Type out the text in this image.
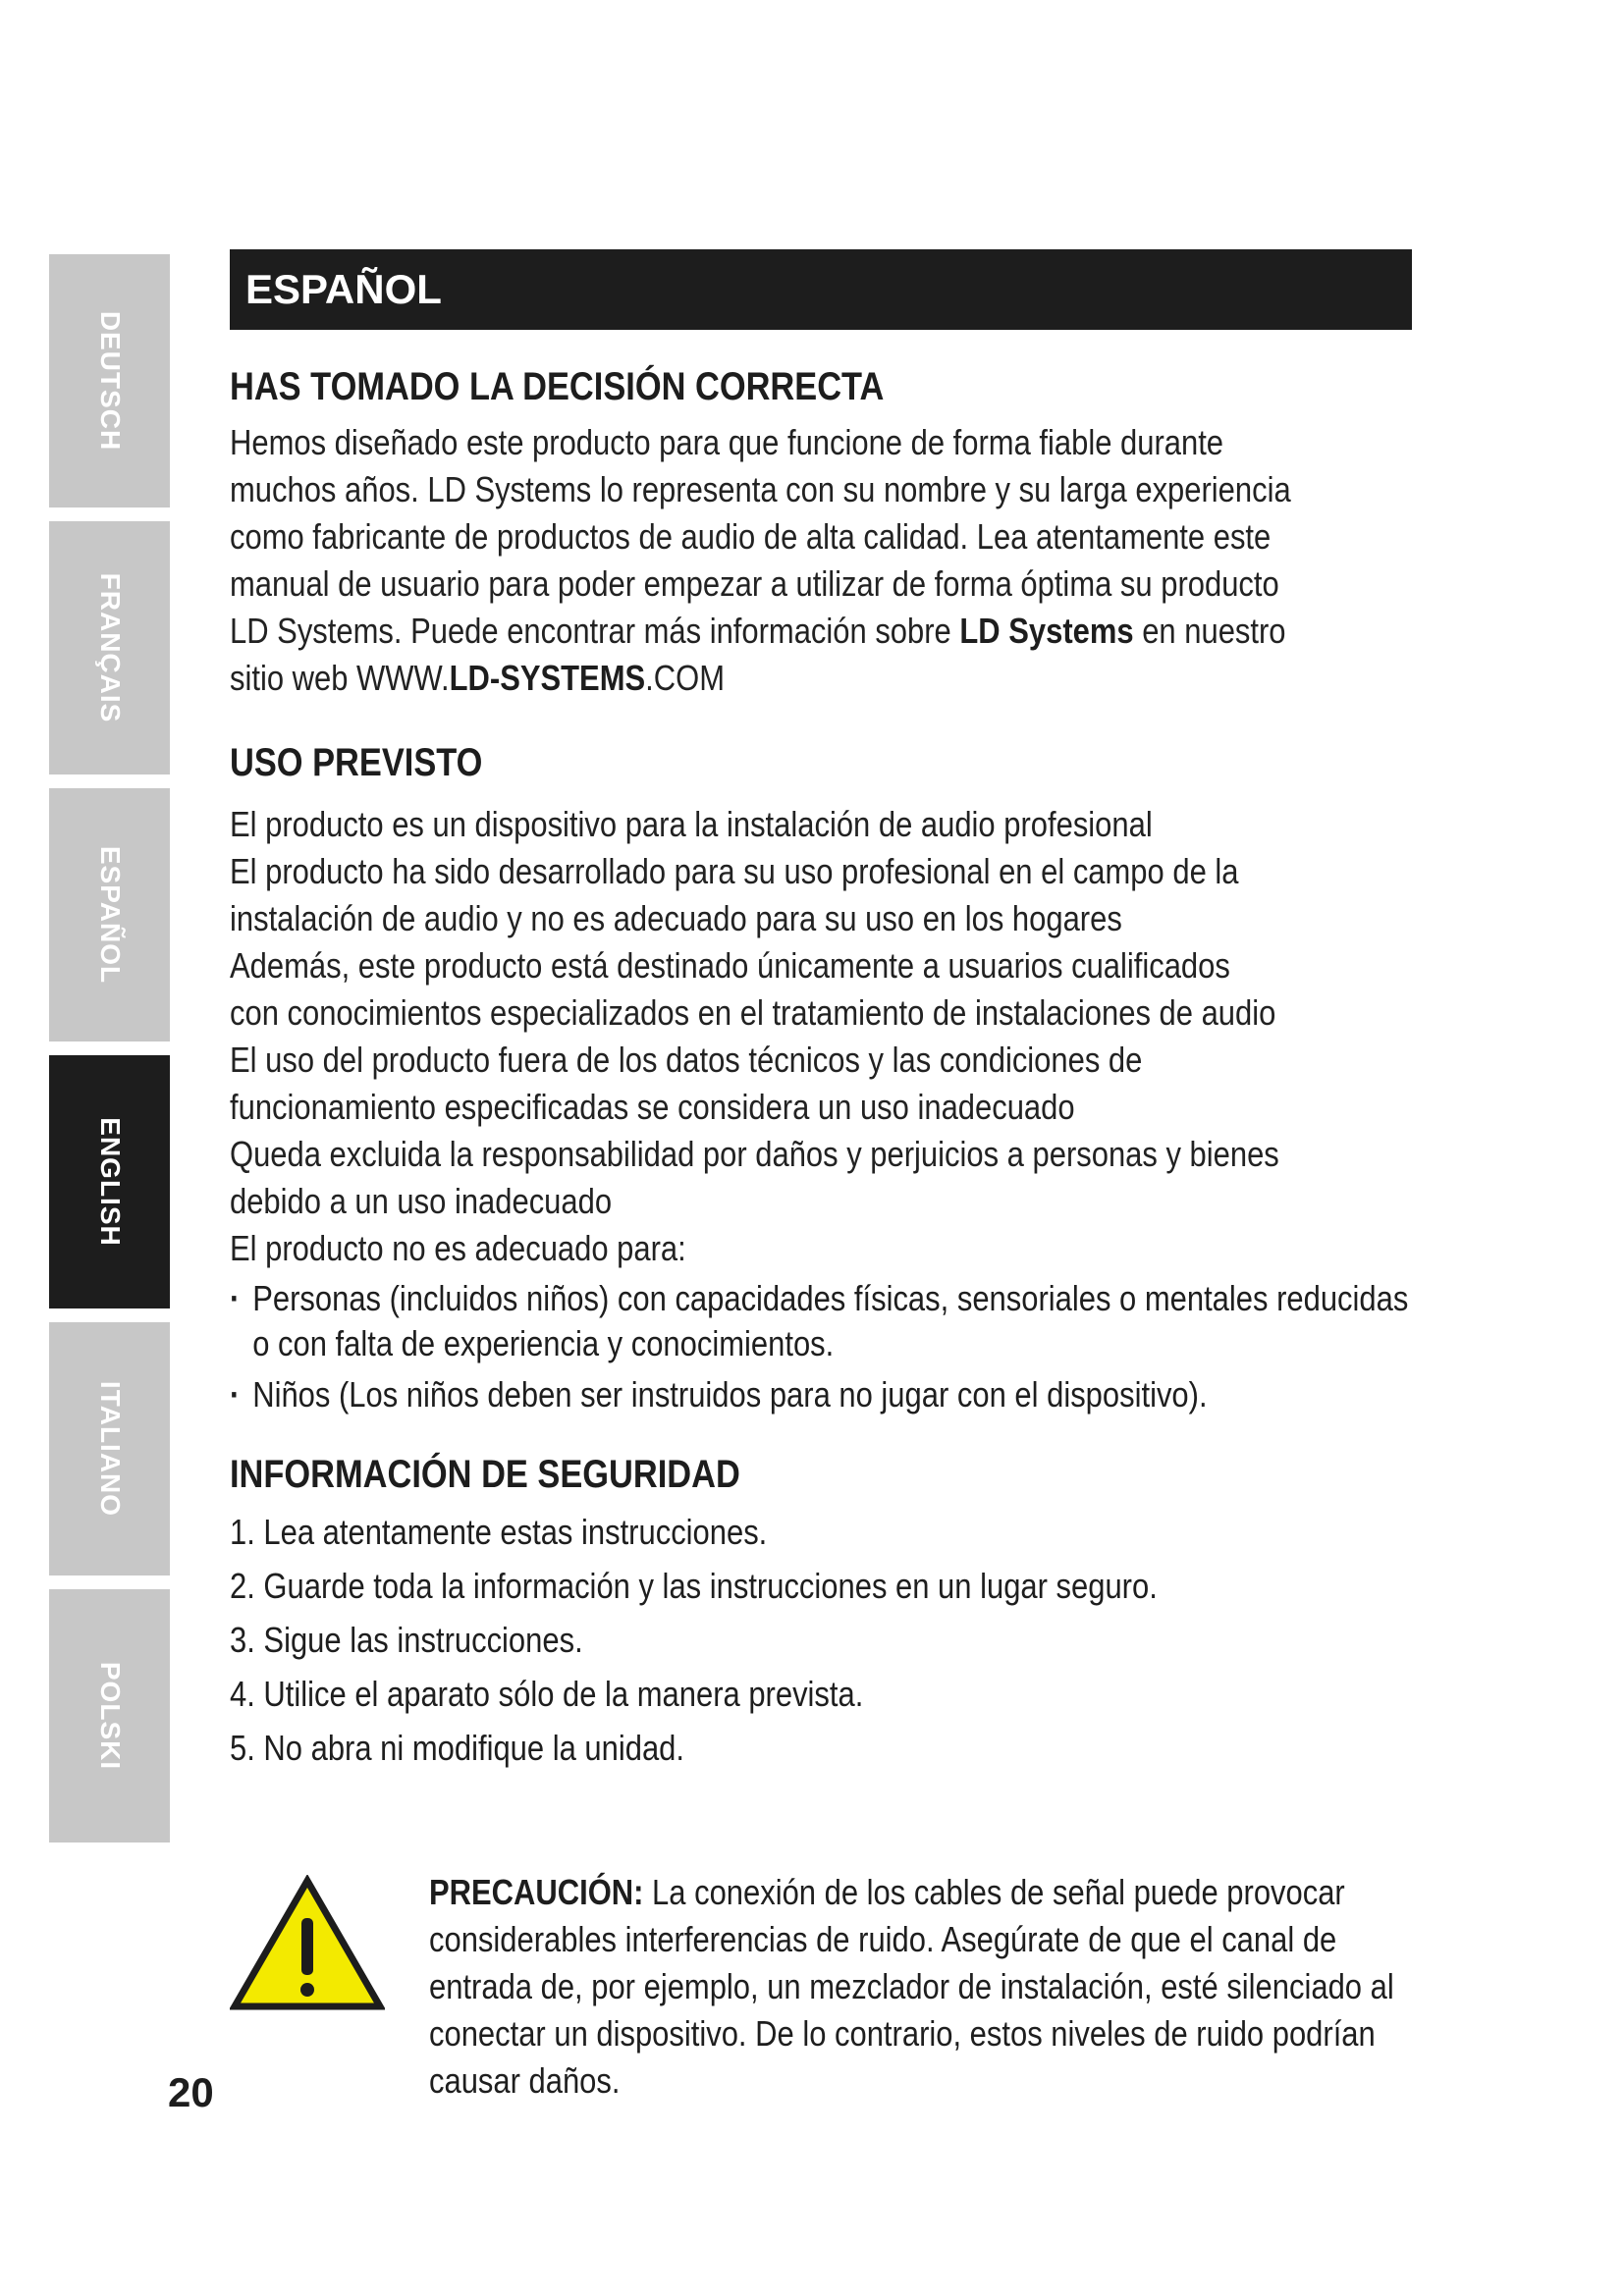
DEUTSCH
FRANÇAIS
ESPAÑOL
ENGLISH
ITALIANO
POLSKI
20
ESPAÑOL
HAS TOMADO LA DECISIÓN CORRECTA

Hemos diseñado este producto para que funcione de forma fiable durante

muchos años. LD Systems lo representa con su nombre y su larga experiencia

como fabricante de productos de audio de alta calidad. Lea atentamente este

manual de usuario para poder empezar a utilizar de forma óptima su producto

LD Systems. Puede encontrar más información sobre LD Systems en nuestro

sitio web WWW.LD-SYSTEMS.COM

USO PREVISTO

El producto es un dispositivo para la instalación de audio profesional

El producto ha sido desarrollado para su uso profesional en el campo de la

instalación de audio y no es adecuado para su uso en los hogares

Además, este producto está destinado únicamente a usuarios cualificados

con conocimientos especializados en el tratamiento de instalaciones de audio

El uso del producto fuera de los datos técnicos y las condiciones de

funcionamiento especificadas se considera un uso inadecuado

Queda excluida la responsabilidad por daños y perjuicios a personas y bienes

debido a un uso inadecuado

El producto no es adecuado para:

· Personas (incluidos niños) con capacidades físicas, sensoriales o mentales reducidas o con falta de experiencia y conocimientos.
· Niños (Los niños deben ser instruidos para no jugar con el dispositivo).
INFORMACIÓN DE SEGURIDAD
1. Lea atentamente estas instrucciones.
2. Guarde toda la información y las instrucciones en un lugar seguro.
3. Sigue las instrucciones.
4. Utilice el aparato sólo de la manera prevista.
5. No abra ni modifique la unidad.

PRECAUCIÓN: La conexión de los cables de señal puede provocar considerables interferencias de ruido. Asegúrate de que el canal de entrada de, por ejemplo, un mezclador de instalación, esté silenciado al conectar un dispositivo. De lo contrario, estos niveles de ruido podrían causar daños.
